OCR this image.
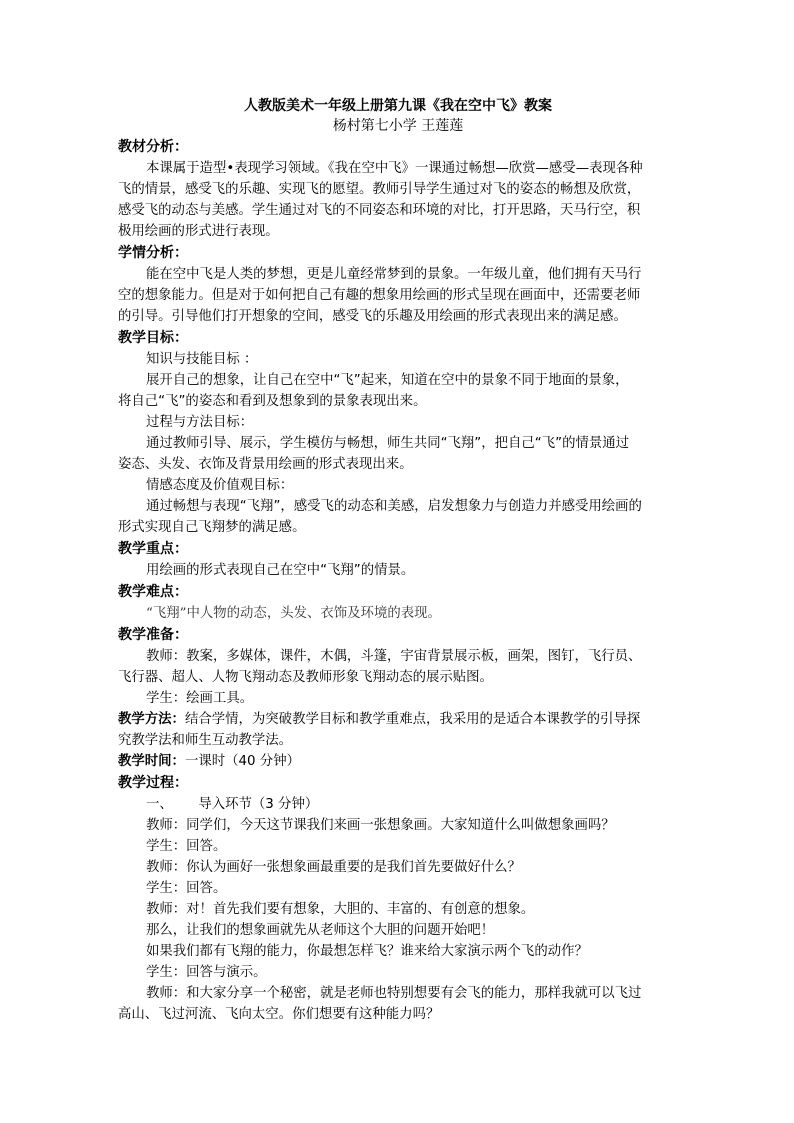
人教版美术一年级上册第九课《我在空中飞》教案
杨村第七小学 王莲莲
教材分析：
本课属于造型•表现学习领域。《我在空中飞》一课通过畅想—欣赏—感受—表现各种
飞的情景，感受飞的乐趣、实现飞的愿望。教师引导学生通过对飞的姿态的畅想及欣赏，
感受飞的动态与美感。学生通过对飞的不同姿态和环境的对比，打开思路，天马行空，积
极用绘画的形式进行表现。
学情分析：
能在空中飞是人类的梦想，更是儿童经常梦到的景象。一年级儿童，他们拥有天马行
空的想象能力。但是对于如何把自己有趣的想象用绘画的形式呈现在画面中，还需要老师
的引导。引导他们打开想象的空间，感受飞的乐趣及用绘画的形式表现出来的满足感。
教学目标：
知识与技能目标 ：
展开自己的想象，让自己在空中“飞”起来，知道在空中的景象不同于地面的景象，
将自己“飞”的姿态和看到及想象到的景象表现出来。
过程与方法目标：
通过教师引导、展示，学生模仿与畅想，师生共同“飞翔”，把自己“飞”的情景通过
姿态、头发、衣饰及背景用绘画的形式表现出来。
情感态度及价值观目标：
通过畅想与表现“飞翔”，感受飞的动态和美感，启发想象力与创造力并感受用绘画的
形式实现自己飞翔梦的满足感。
教学重点：
用绘画的形式表现自己在空中“飞翔”的情景。
教学难点：
“飞翔”中人物的动态，头发、衣饰及环境的表现。
教学准备：
教师：教案，多媒体，课件，木偶，斗篷，宇宙背景展示板，画架，图钉，飞行员、
飞行器、超人、人物飞翔动态及教师形象飞翔动态的展示贴图。
学生：绘画工具。
教学方法：结合学情，为突破教学目标和教学重难点，我采用的是适合本课教学的引导探
究教学法和师生互动教学法。
教学时间：一课时（40 分钟）
教学过程：
一、      导入环节（3 分钟）
教师：同学们，今天这节课我们来画一张想象画。大家知道什么叫做想象画吗？
学生：回答。
教师：你认为画好一张想象画最重要的是我们首先要做好什么？
学生：回答。
教师：对！首先我们要有想象，大胆的、丰富的、有创意的想象。
那么，让我们的想象画就先从老师这个大胆的问题开始吧！
如果我们都有飞翔的能力，你最想怎样飞？谁来给大家演示两个飞的动作？
学生：回答与演示。
教师：和大家分享一个秘密，就是老师也特别想要有会飞的能力，那样我就可以飞过
高山、飞过河流、飞向太空。你们想要有这种能力吗？
